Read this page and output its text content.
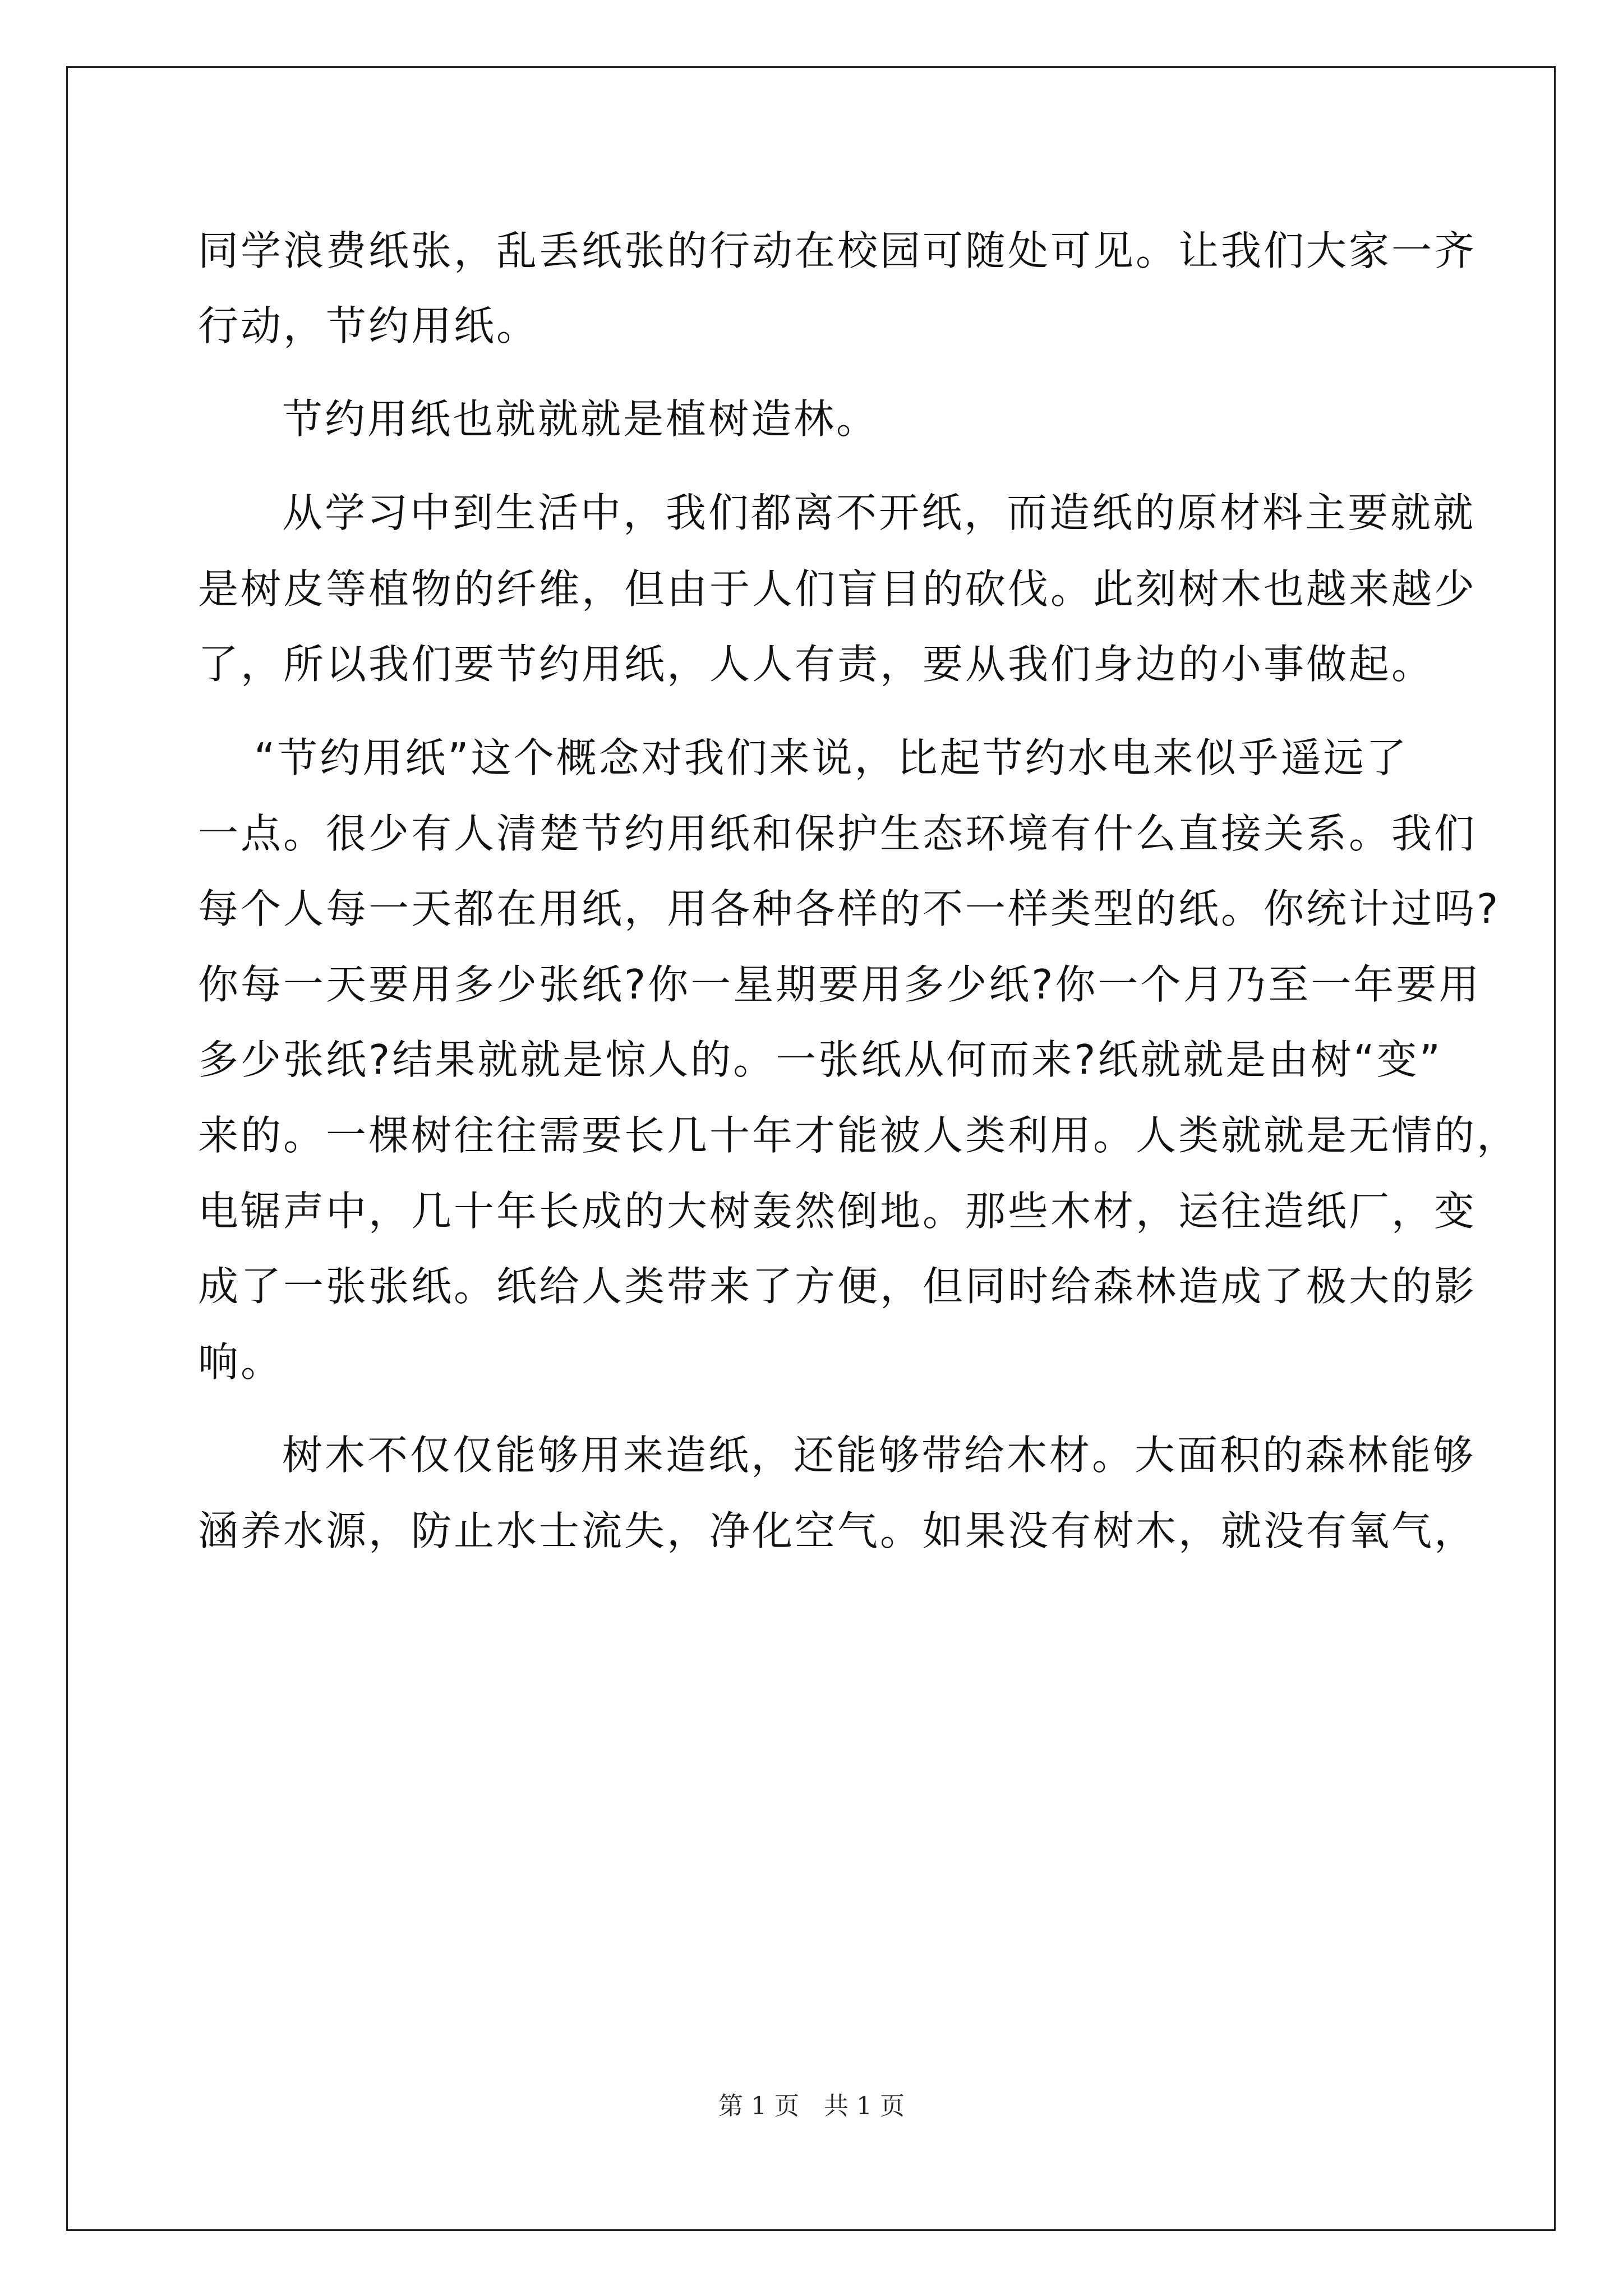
同学浪费纸张，乱丢纸张的行动在校园可随处可见。让我们大家一齐
行动，节约用纸。
节约用纸也就就就是植树造林。
从学习中到生活中，我们都离不开纸，而造纸的原材料主要就就
是树皮等植物的纤维，但由于人们盲目的砍伐。此刻树木也越来越少
了，所以我们要节约用纸，人人有责，要从我们身边的小事做起。
“节约用纸”这个概念对我们来说，比起节约水电来似乎遥远了
一点。很少有人清楚节约用纸和保护生态环境有什么直接关系。我们
每个人每一天都在用纸，用各种各样的不一样类型的纸。你统计过吗?
你每一天要用多少张纸?你一星期要用多少纸?你一个月乃至一年要用
多少张纸?结果就就是惊人的。一张纸从何而来?纸就就是由树“变”
来的。一棵树往往需要长几十年才能被人类利用。人类就就是无情的，
电锯声中，几十年长成的大树轰然倒地。那些木材，运往造纸厂，变
成了一张张纸。纸给人类带来了方便，但同时给森林造成了极大的影
响。
树木不仅仅能够用来造纸，还能够带给木材。大面积的森林能够
涵养水源，防止水士流失，净化空气。如果没有树木，就没有氧气，
第 1 页　共 1 页
